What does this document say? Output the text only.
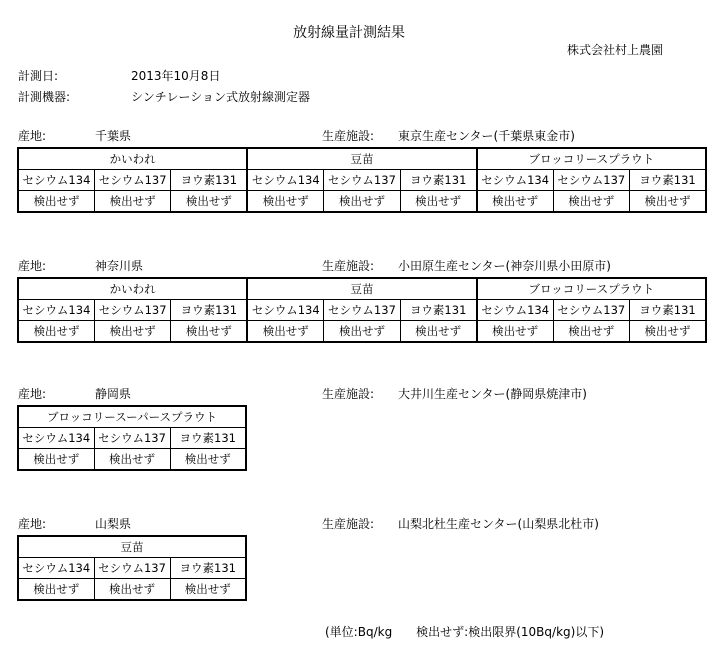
放射線量計測結果
株式会社村上農園
計測日:	2013年10月8日
計測機器:	シンチレーション式放射線測定器
産地:	千葉県	生産施設: 東京生産センター(千葉県東金市)
かいわれ			豆苗			ブロッコリースプラウト		
セシウム134	セシウム137	ヨウ素131	セシウム134	セシウム137	ヨウ素131	セシウム134	セシウム137	ヨウ素131
検出せず	検出せず	検出せず	検出せず	検出せず	検出せず	検出せず	検出せず	検出せず
産地:	神奈川県	生産施設: 小田原生産センター(神奈川県小田原市)
かいわれ			豆苗			ブロッコリースプラウト		
セシウム134	セシウム137	ヨウ素131	セシウム134	セシウム137	ヨウ素131	セシウム134	セシウム137	ヨウ素131
検出せず	検出せず	検出せず	検出せず	検出せず	検出せず	検出せず	検出せず	検出せず
産地:	静岡県	生産施設: 大井川生産センター(静岡県焼津市)
ブロッコリースーパースプラウト		
セシウム134	セシウム137	ヨウ素131
検出せず	検出せず	検出せず
産地:	山梨県	生産施設: 山梨北杜生産センター(山梨県北杜市)
豆苗		
セシウム134	セシウム137	ヨウ素131
検出せず	検出せず	検出せず
(単位:Bq/kg　　検出せず:検出限界(10Bq/kg)以下)
